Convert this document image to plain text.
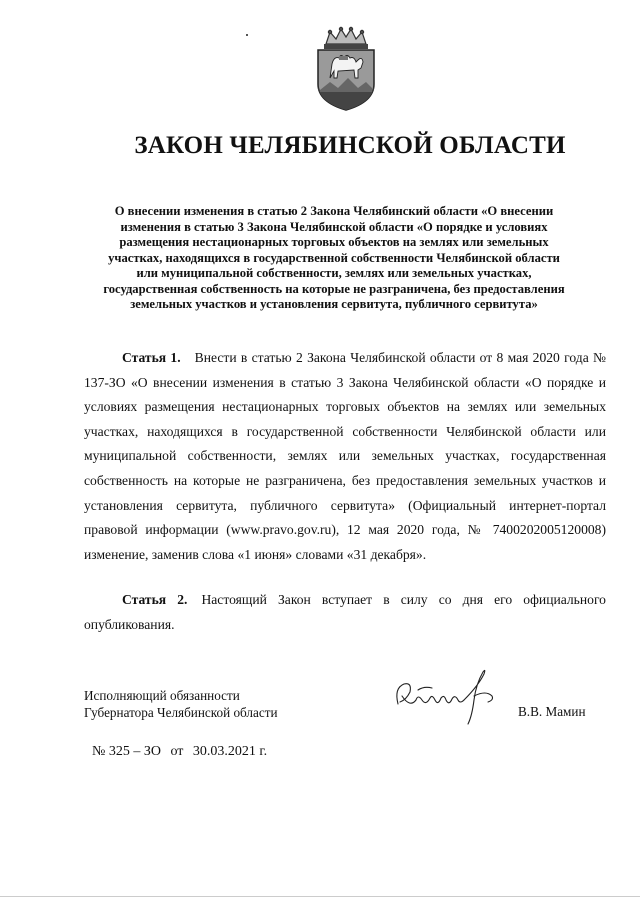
ЗАКОН ЧЕЛЯБИНСКОЙ ОБЛАСТИ

О внесении изменения в статью 2 Закона Челябинский области «О внесении
изменения в статью 3 Закона Челябинской области «О порядке и условиях
размещения нестационарных торговых объектов на землях или земельных
участках, находящихся в государственной собственности Челябинской области
или муниципальной собственности, землях или земельных участках,
государственная собственность на которые не разграничена, без предоставления
земельных участков и установления сервитута, публичного сервитута»

Статья 1. Внести в статью 2 Закона Челябинской области от 8 мая 2020 года № 137-ЗО «О внесении изменения в статью 3 Закона Челябинской области «О порядке и условиях размещения нестационарных торговых объектов на землях или земельных участках, находящихся в государственной собственности Челябинской области или муниципальной собственности, землях или земельных участках, государственная собственность на которые не разграничена, без предоставления земельных участков и установления сервитута, публичного сервитута» (Официальный интернет-портал правовой информации (www.pravo.gov.ru), 12 мая 2020 года, № 7400202005120008) изменение, заменив слова «1 июня» словами «31 декабря».

Статья 2. Настоящий Закон вступает в силу со дня его официального опубликования.

Исполняющий обязанности
Губернатора Челябинской области	В.В. Мамин
№ 325 – ЗО от 30.03.2021 г.
